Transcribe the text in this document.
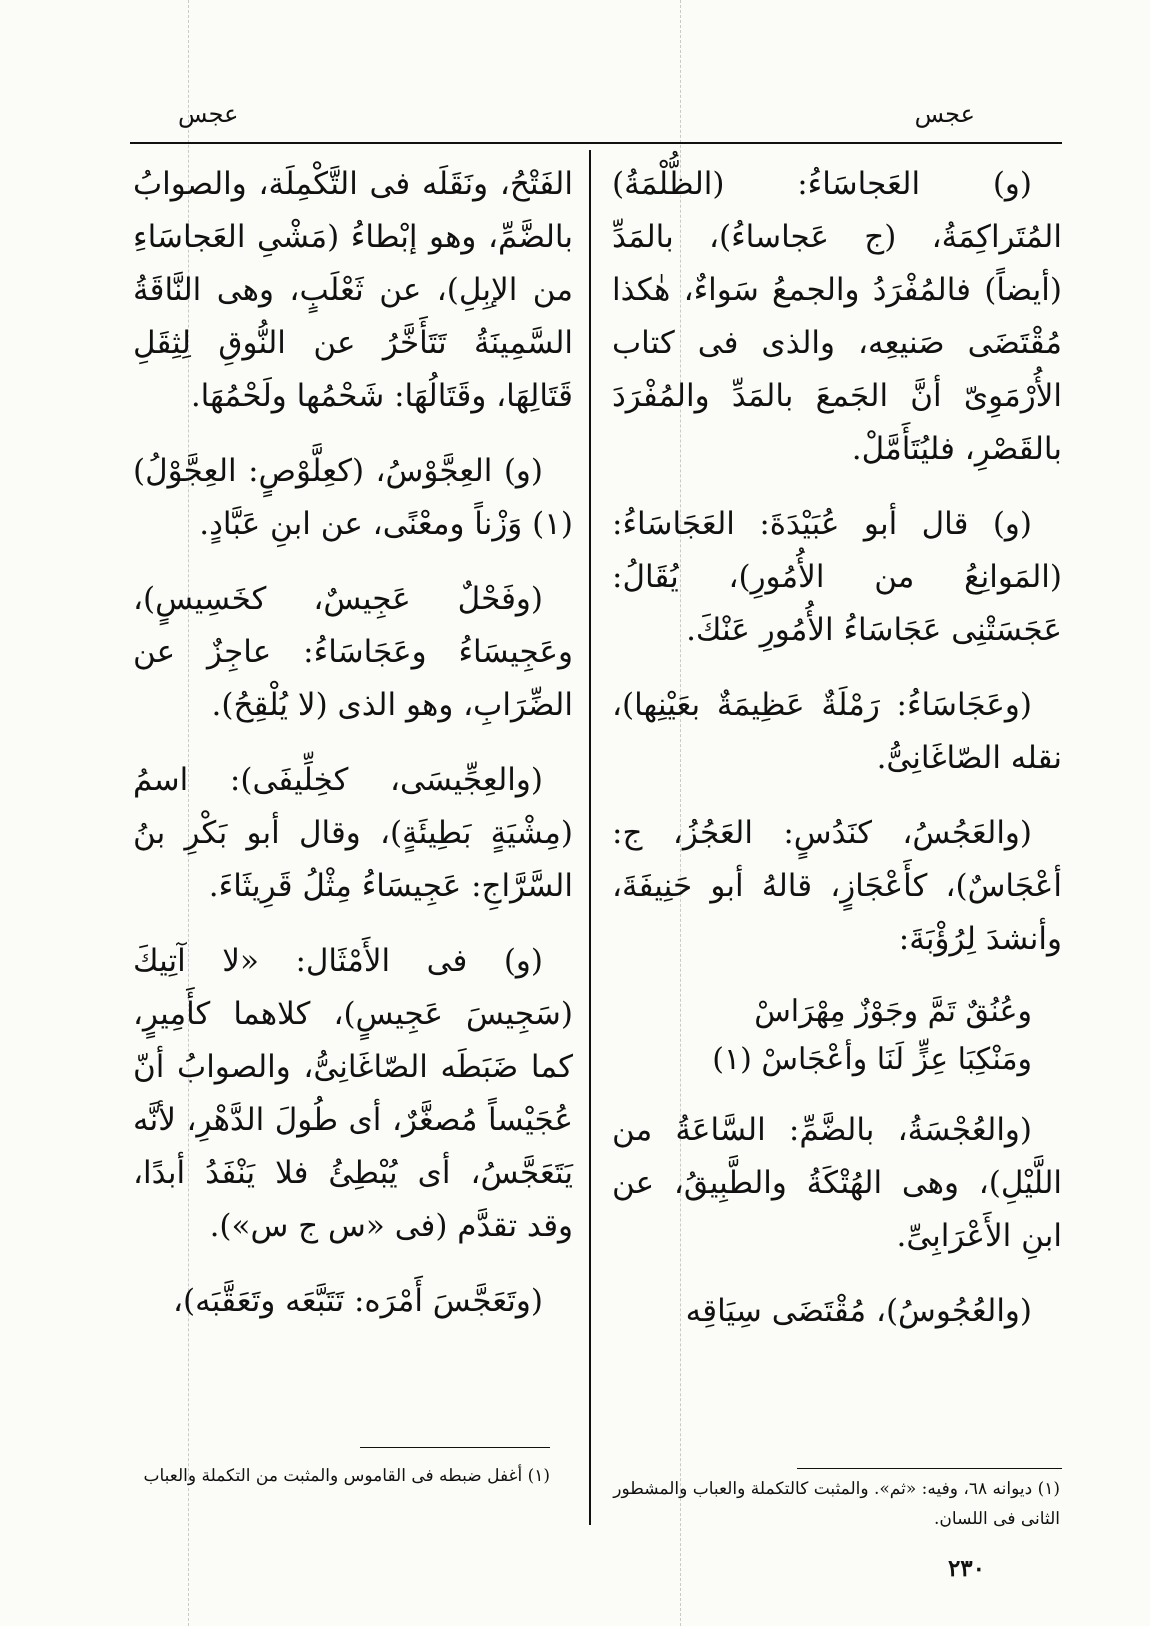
عجس
عجس

(و) العَجاسَاءُ: (الظُّلْمَةُ) المُتَراكِمَةُ، (ج عَجاساءُ)، بالمَدِّ (أيضاً) فالمُفْرَدُ والجمعُ سَواءٌ، هٰكذا مُقْتَضَى صَنيعِه، والذى فى كتاب الأُرْمَوِىّ أنَّ الجَمعَ بالمَدِّ والمُفْرَدَ بالقَصْرِ، فليُتَأَمَّلْ.

(و) قال أبو عُبَيْدَةَ: العَجَاسَاءُ: (المَوانِعُ من الأُمُورِ)، يُقَالُ: عَجَسَتْنِى عَجَاسَاءُ الأُمُورِ عَنْكَ.

(وعَجَاسَاءُ: رَمْلَةٌ عَظِيمَةٌ بعَيْنِها)، نقله الصّاغَانِىُّ.

(والعَجُسُ، كنَدُسٍ: العَجُزُ، ج: أعْجَاسٌ)، كأَعْجَازٍ، قالهُ أبو حَنِيفَةَ، وأنشدَ لِرُؤْبَةَ:

وعُنُقٌ تَمَّ وجَوْزٌ مِهْرَاسْ

ومَنْكِبَا عِزٍّ لَنَا وأعْجَاسْ (١)

(والعُجْسَةُ، بالضَّمِّ: السَّاعَةُ من اللَّيْلِ)، وهى الهُتْكَةُ والطَّبِيقُ، عن ابنِ الأَعْرَابِىِّ.

(والعُجُوسُ)، مُقْتَضَى سِيَاقِه

الفَتْحُ، ونَقَلَه فى التَّكْمِلَة، والصوابُ بالضَّمِّ، وهو إبْطاءُ (مَشْىِ العَجاسَاءِ من الإبِلِ)، عن ثَعْلَبٍ، وهى النَّاقَةُ السَّمِينَةُ تَتَأَخَّرُ عن النُّوقِ لِثِقَلِ قَتَالِهَا، وقَتَالُهَا: شَحْمُها ولَحْمُهَا.

(و) العِجَّوْسُ، (كعِلَّوْصٍ: العِجَّوْلُ)(١) وَزْناً ومعْنًى، عن ابنِ عَبَّادٍ.

(وفَحْلٌ عَجِيسٌ، كخَسِيسٍ)، وعَجِيسَاءُ وعَجَاسَاءُ: عاجِزٌ عن الضِّرَابِ، وهو الذى (لا يُلْقِحُ).

(والعِجِّيسَى، كخِلِّيفَى): اسمُ (مِشْيَةٍ بَطِيئَةٍ)، وقال أبو بَكْرِ بنُ السَّرَّاجِ: عَجِيسَاءُ مِثْلُ قَرِيثَاءَ.

(و) فى الأَمْثَال: «لا آتِيكَ (سَجِيسَ عَجِيسٍ)، كلاهما كأَمِيرٍ، كما ضَبَطَه الصّاغَانِىُّ، والصوابُ أنّ عُجَيْساً مُصغَّرٌ، أى طُولَ الدَّهْرِ، لأنَّه يَتَعَجَّسُ، أى يُبْطِئُ فلا يَنْفَدُ أبدًا، وقد تقدَّم (فى «س ج س»).

(وتَعَجَّسَ أَمْرَه: تَتَبَّعَه وتَعَقَّبَه)،

(١) ديوانه ٦٨، وفيه: «ثم». والمثبت كالتكملة والعباب والمشطور الثانى فى اللسان.
(١) أغفل ضبطه فى القاموس والمثبت من التكملة والعباب
٢٣٠
